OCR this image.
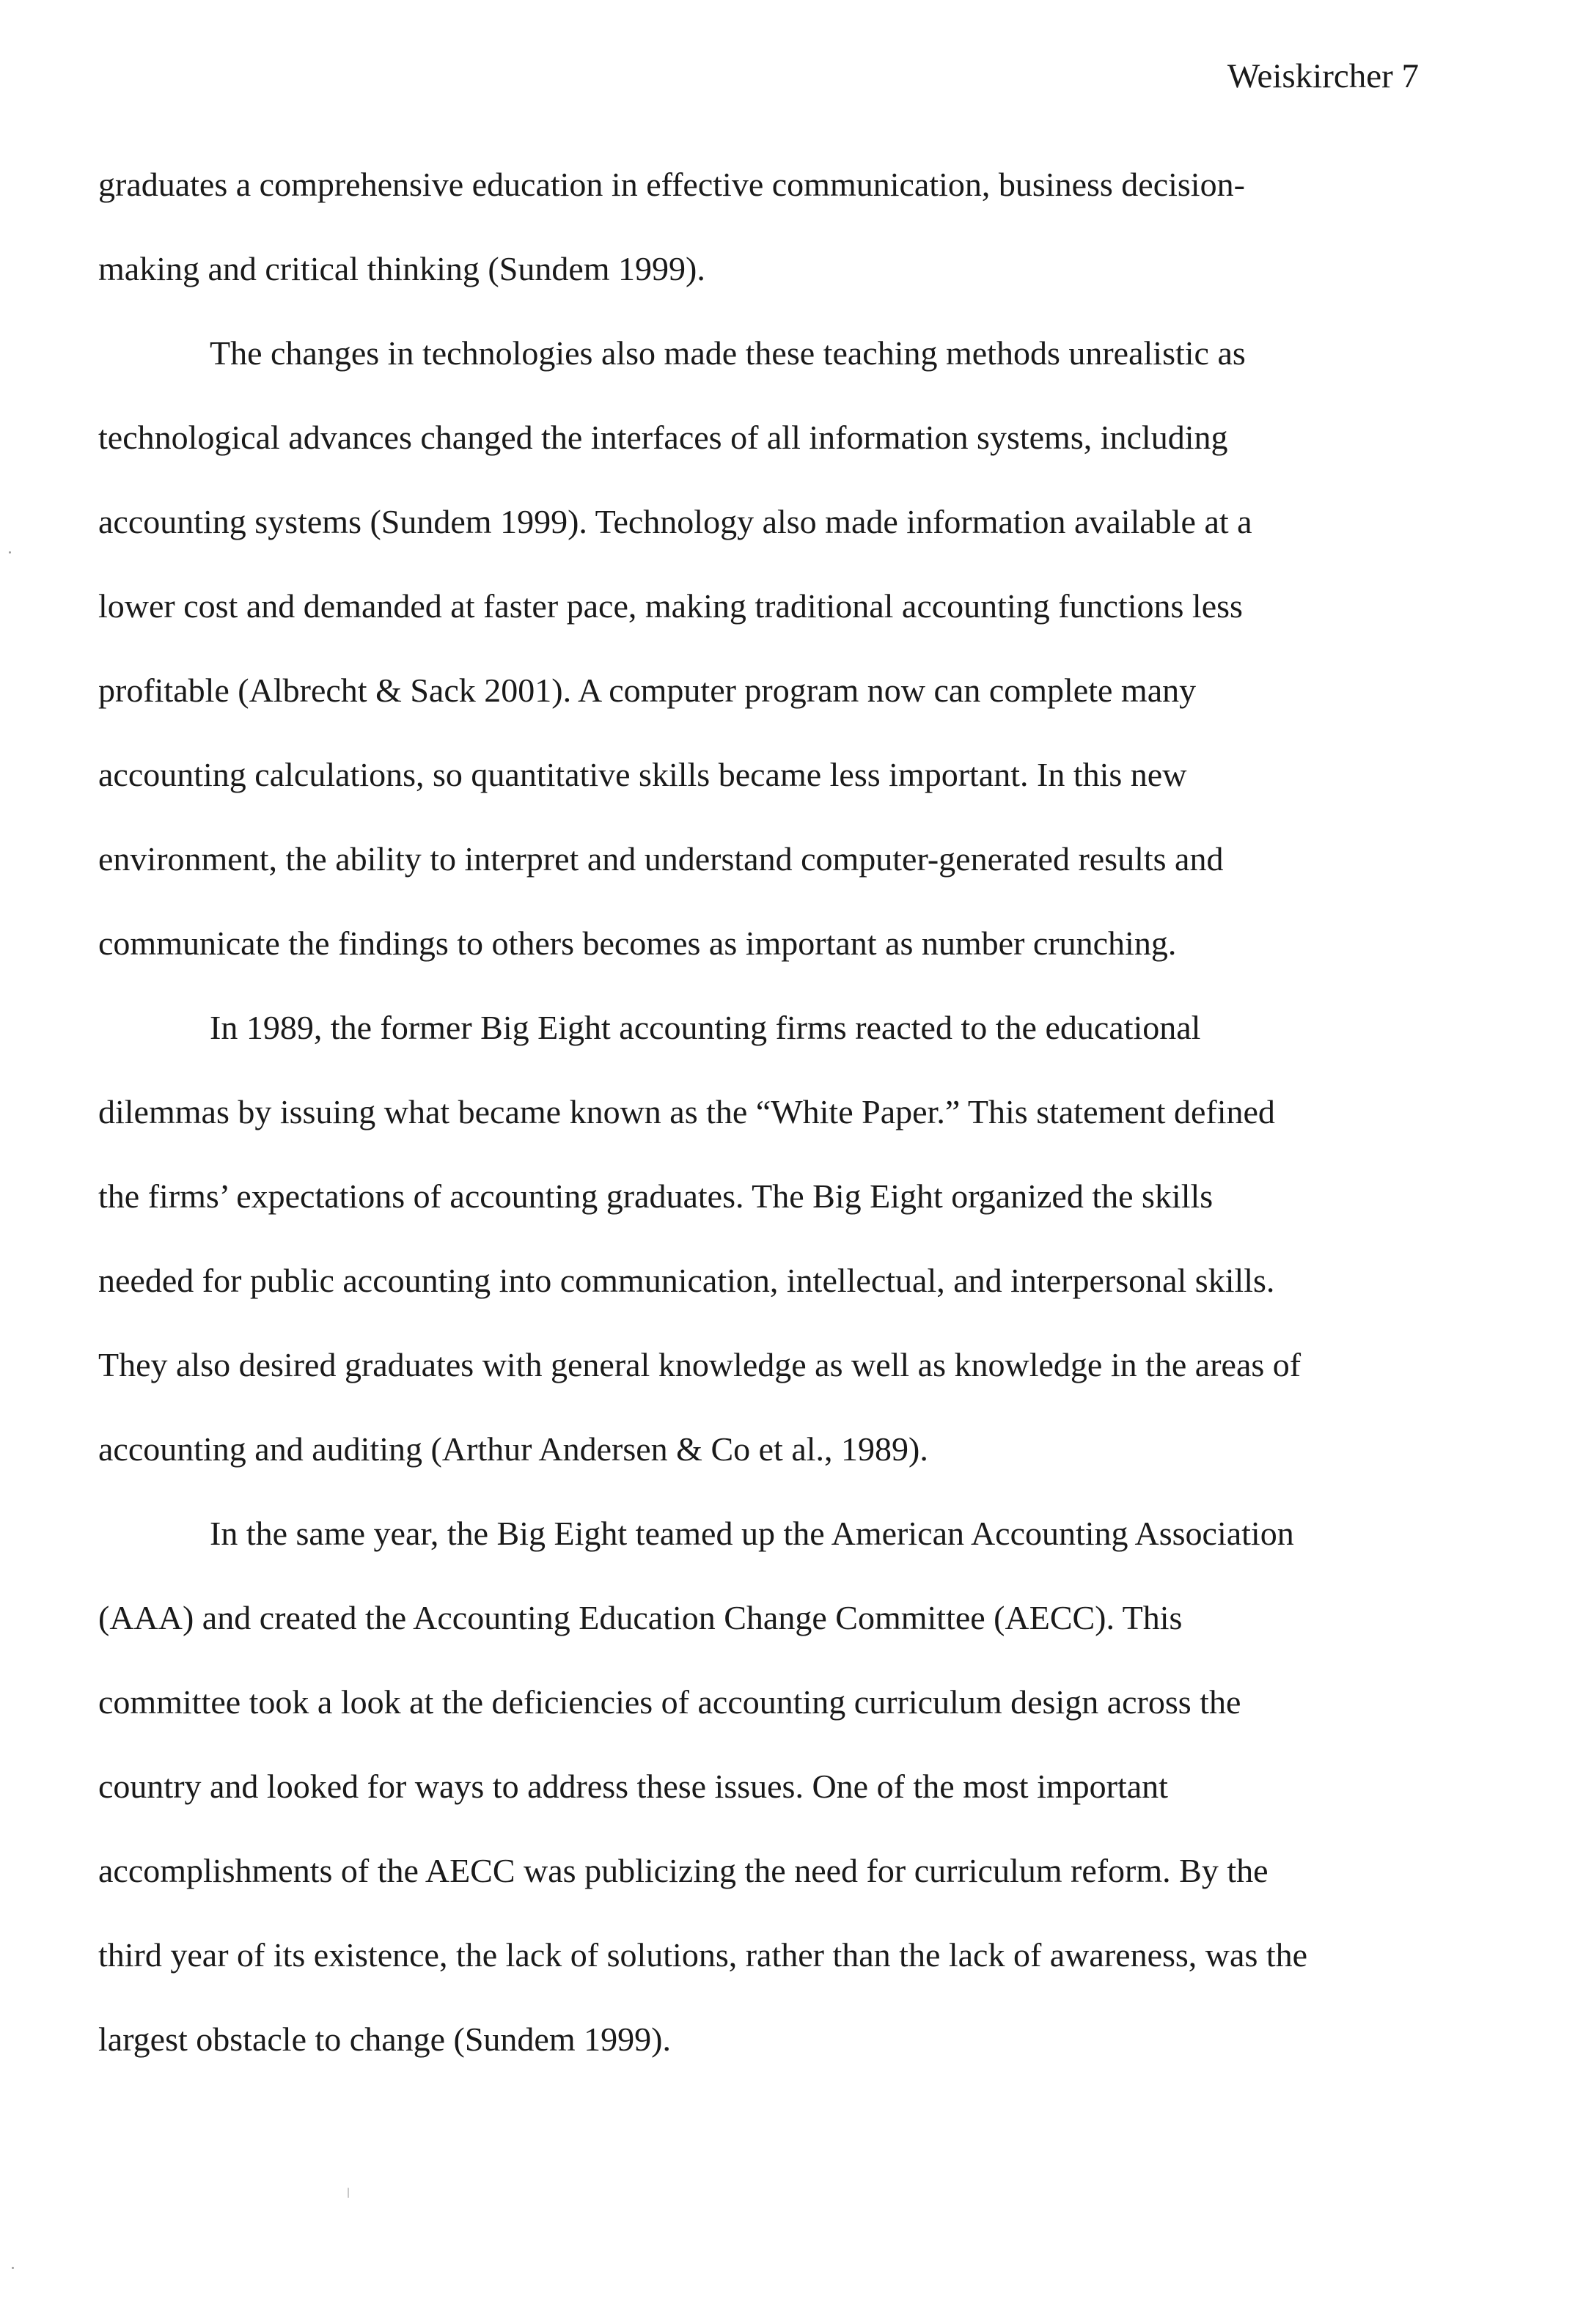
Weiskircher 7
graduates a comprehensive education in effective communication, business decision-
making and critical thinking (Sundem 1999).
The changes in technologies also made these teaching methods unrealistic as
technological advances changed the interfaces of all information systems, including
accounting systems (Sundem 1999). Technology also made information available at a
lower cost and demanded at faster pace, making traditional accounting functions less
profitable (Albrecht & Sack 2001). A computer program now can complete many
accounting calculations, so quantitative skills became less important. In this new
environment, the ability to interpret and understand computer-generated results and
communicate the findings to others becomes as important as number crunching.
In 1989, the former Big Eight accounting firms reacted to the educational
dilemmas by issuing what became known as the “White Paper.” This statement defined
the firms’ expectations of accounting graduates. The Big Eight organized the skills
needed for public accounting into communication, intellectual, and interpersonal skills.
They also desired graduates with general knowledge as well as knowledge in the areas of
accounting and auditing (Arthur Andersen & Co et al., 1989).
In the same year, the Big Eight teamed up the American Accounting Association
(AAA) and created the Accounting Education Change Committee (AECC). This
committee took a look at the deficiencies of accounting curriculum design across the
country and looked for ways to address these issues. One of the most important
accomplishments of the AECC was publicizing the need for curriculum reform. By the
third year of its existence, the lack of solutions, rather than the lack of awareness, was the
largest obstacle to change (Sundem 1999).
